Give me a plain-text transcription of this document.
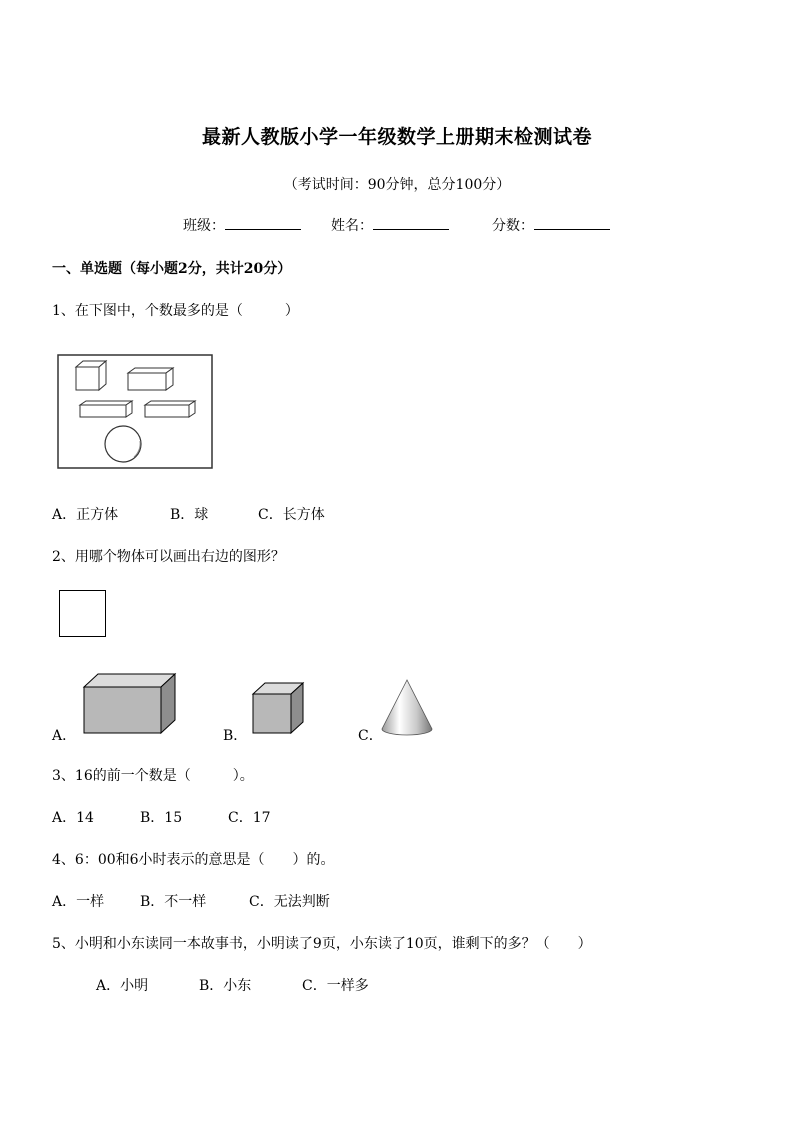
最新人教版小学一年级数学上册期末检测试卷
（考试时间：90分钟，总分100分）
班级：	姓名：	分数：
一、单选题（每小题2分，共计20分）
1、在下图中，个数最多的是（　　　）
A．正方体	B．球	C．长方体
2、用哪个物体可以画出右边的图形？
A．	B．	C．
3、16的前一个数是（　　　）。
A．14	B．15	C．17
4、6：00和6小时表示的意思是（　　）的。
A．一样	B．不一样	C．无法判断
5、小明和小东读同一本故事书，小明读了9页，小东读了10页，谁剩下的多？（　　）
A．小明	B．小东	C．一样多
